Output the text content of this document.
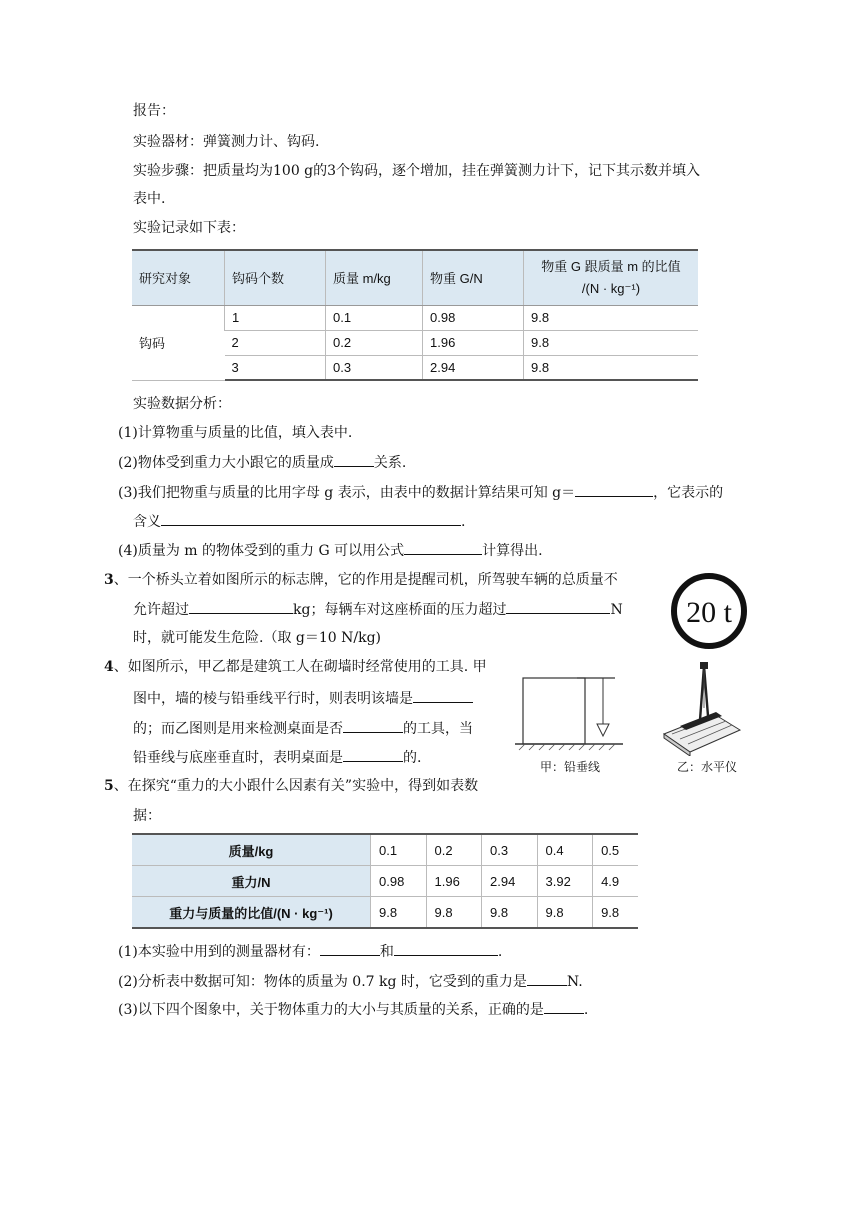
报告：
实验器材：弹簧测力计、钩码.
实验步骤：把质量均为100 g的3个钩码，逐个增加，挂在弹簧测力计下，记下其示数并填入
表中.
实验记录如下表：
研究对象	钩码个数	质量 m/kg	物重 G/N	物重 G 跟质量 m 的比值
/(N · kg⁻¹)

钩码	1	0.1	0.98	9.8
	2	0.2	1.96	9.8
	3	0.3	2.94	9.8
实验数据分析：
(1)计算物重与质量的比值，填入表中.
(2)物体受到重力大小跟它的质量成	关系.
(3)我们把物重与质量的比用字母 g 表示，由表中的数据计算结果可知 g＝	，它表示的
含义	.
(4)质量为 m 的物体受到的重力 G 可以用公式	计算得出.
3、一个桥头立着如图所示的标志牌，它的作用是提醒司机，所驾驶车辆的总质量不
允许超过	kg；每辆车对这座桥面的压力超过	N
时，就可能发生危险.（取 g＝10 N/kg)
20 t
4、如图所示，甲乙都是建筑工人在砌墙时经常使用的工具. 甲
图中，墙的棱与铅垂线平行时，则表明该墙是
的；而乙图则是用来检测桌面是否	的工具，当
铅垂线与底座垂直时，表明桌面是	的.
甲：铅垂线	乙：水平仪
5、在探究“重力的大小跟什么因素有关”实验中，得到如表数
据：
质量/kg	0.1	0.2	0.3	0.4	0.5
重力/N	0.98	1.96	2.94	3.92	4.9
重力与质量的比值/(N · kg⁻¹)	9.8	9.8	9.8	9.8	9.8
(1)本实验中用到的测量器材有：	和	.
(2)分析表中数据可知：物体的质量为 0.7 kg 时，它受到的重力是	N.
(3)以下四个图象中，关于物体重力的大小与其质量的关系，正确的是	.
